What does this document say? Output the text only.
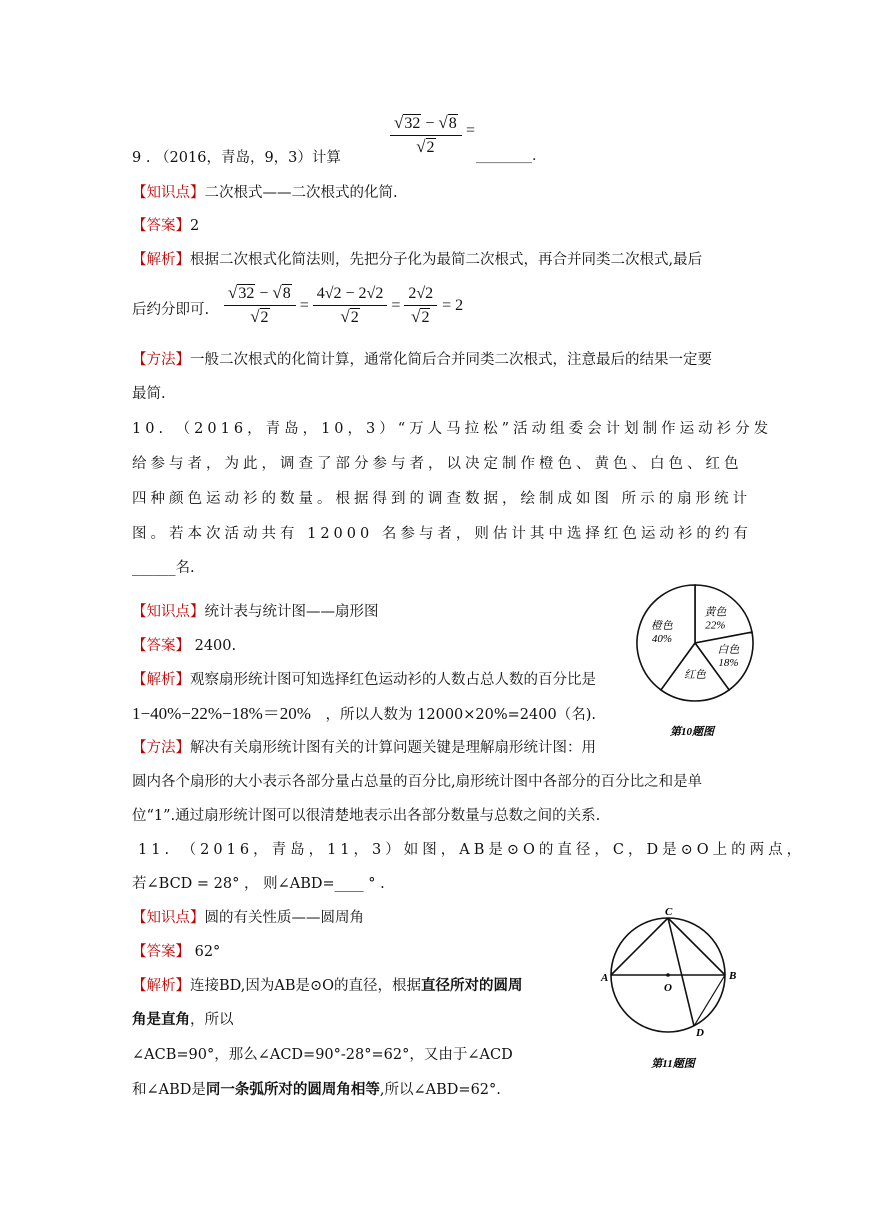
9 . （2016，青岛，9，3）计算
$\frac{√ 32 - √ 8}{√ 2}$ =
________.
【知识点】二次根式——二次根式的化简.
【答案】2
【解析】根据二次根式化简法则，先把分子化为最简二次根式，再合并同类二次根式,最后
后约分即可. $\frac{√ 32 - √ 8}{√ 2} = \frac{4√2 - 2√2}{√ 2} = \frac{2√2}{√ 2} = 2$
【方法】一般二次根式的化简计算，通常化简后合并同类二次根式，注意最后的结果一定要
最简.
10. （2016，青岛，10，3）“万人马拉松”活动组委会计划制作运动衫分发
给参与者，为此，调查了部分参与者，以决定制作橙色、黄色、白色、红色
四种颜色运动衫的数量。根据得到的调查数据，绘制成如图 所示的扇形统计
图。若本次活动共有 12000 名参与者，则估计其中选择红色运动衫的约有
______名.
【知识点】统计表与统计图——扇形图
【答案】 2400.
【解析】观察扇形统计图可知选择红色运动衫的人数占总人数的百分比是
1−40%−22%−18%＝20% ，所以人数为 12000×20%=2400（名).
【方法】解决有关扇形统计图有关的计算问题关键是理解扇形统计图：用
圆内各个扇形的大小表示各部分量占总量的百分比,扇形统计图中各部分的百分比之和是单
位“1”.通过扇形统计图可以很清楚地表示出各部分数量与总数之间的关系.
黄色
22%
白色
18%
红色
橙色
40%
第10题图
11. （2016，青岛，11，3）如图，AB是⊙O的直径，C，D是⊙O上的两点，
若∠BCD = 28° ， 则∠ABD=____ ° .
【知识点】圆的有关性质——圆周角
【答案】 62°
【解析】连接BD,因为AB是⊙O的直径，根据直径所对的圆周
角是直角，所以
∠ACB=90°，那么∠ACD=90°-28°=62°，又由于∠ACD
和∠ABD是同一条弧所对的圆周角相等,所以∠ABD=62°.
C
A	B
O
D
第11题图
